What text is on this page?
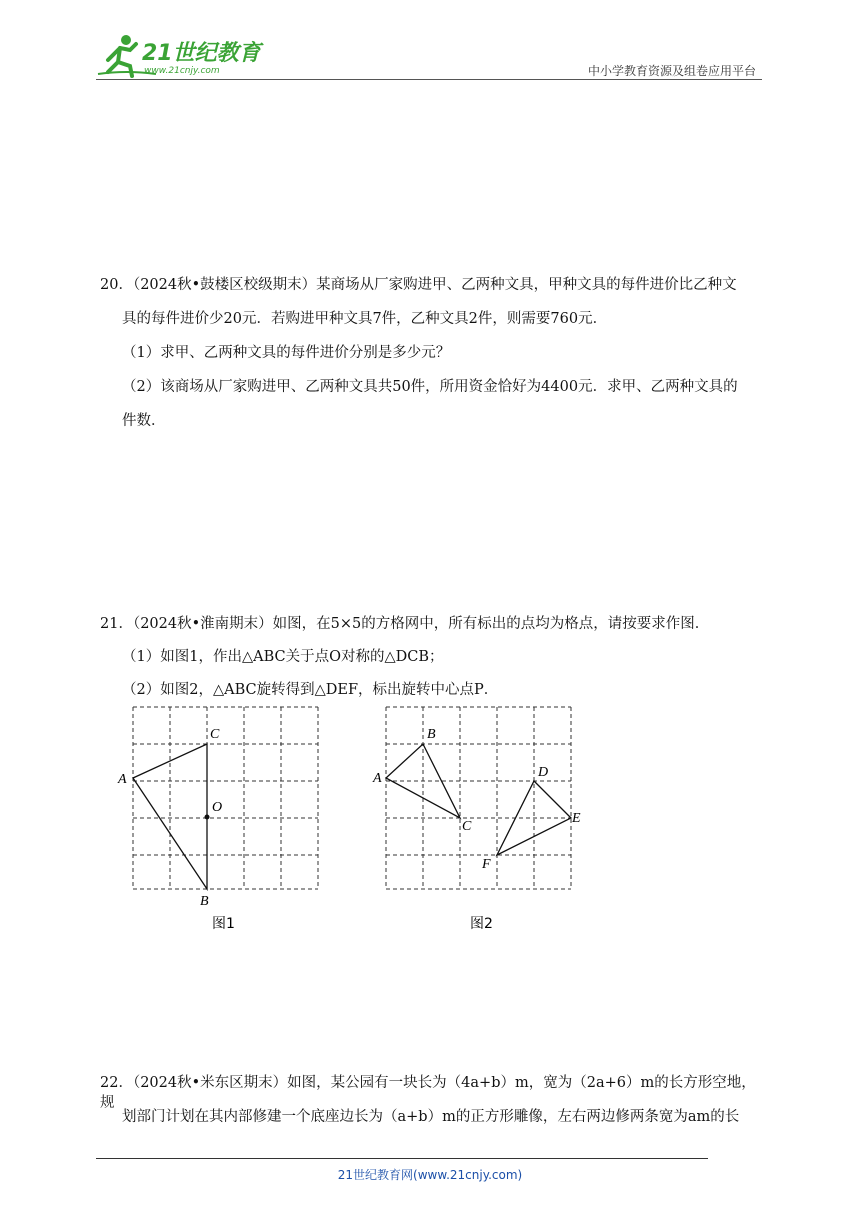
21世纪教育
www.21cnjy.com	中小学教育资源及组卷应用平台
20．（2024秋•鼓楼区校级期末）某商场从厂家购进甲、乙两种文具，甲种文具的每件进价比乙种文
具的每件进价少20元．若购进甲种文具7件，乙种文具2件，则需要760元．
（1）求甲、乙两种文具的每件进价分别是多少元？
（2）该商场从厂家购进甲、乙两种文具共50件，所用资金恰好为4400元．求甲、乙两种文具的
件数．
21．（2024秋•淮南期末）如图，在5×5的方格网中，所有标出的点均为格点，请按要求作图．
（1）如图1，作出△ABC关于点O对称的△DCB；
（2）如图2，△ABC旋转得到△DEF，标出旋转中心点P．
A
C
O
B
图1
A
B
C
D
E
F
图2
22．（2024秋•米东区期末）如图，某公园有一块长为（4a+b）m，宽为（2a+6）m的长方形空地，规
划部门计划在其内部修建一个底座边长为（a+b）m的正方形雕像，左右两边修两条宽为am的长
21世纪教育网(www.21cnjy.com)
